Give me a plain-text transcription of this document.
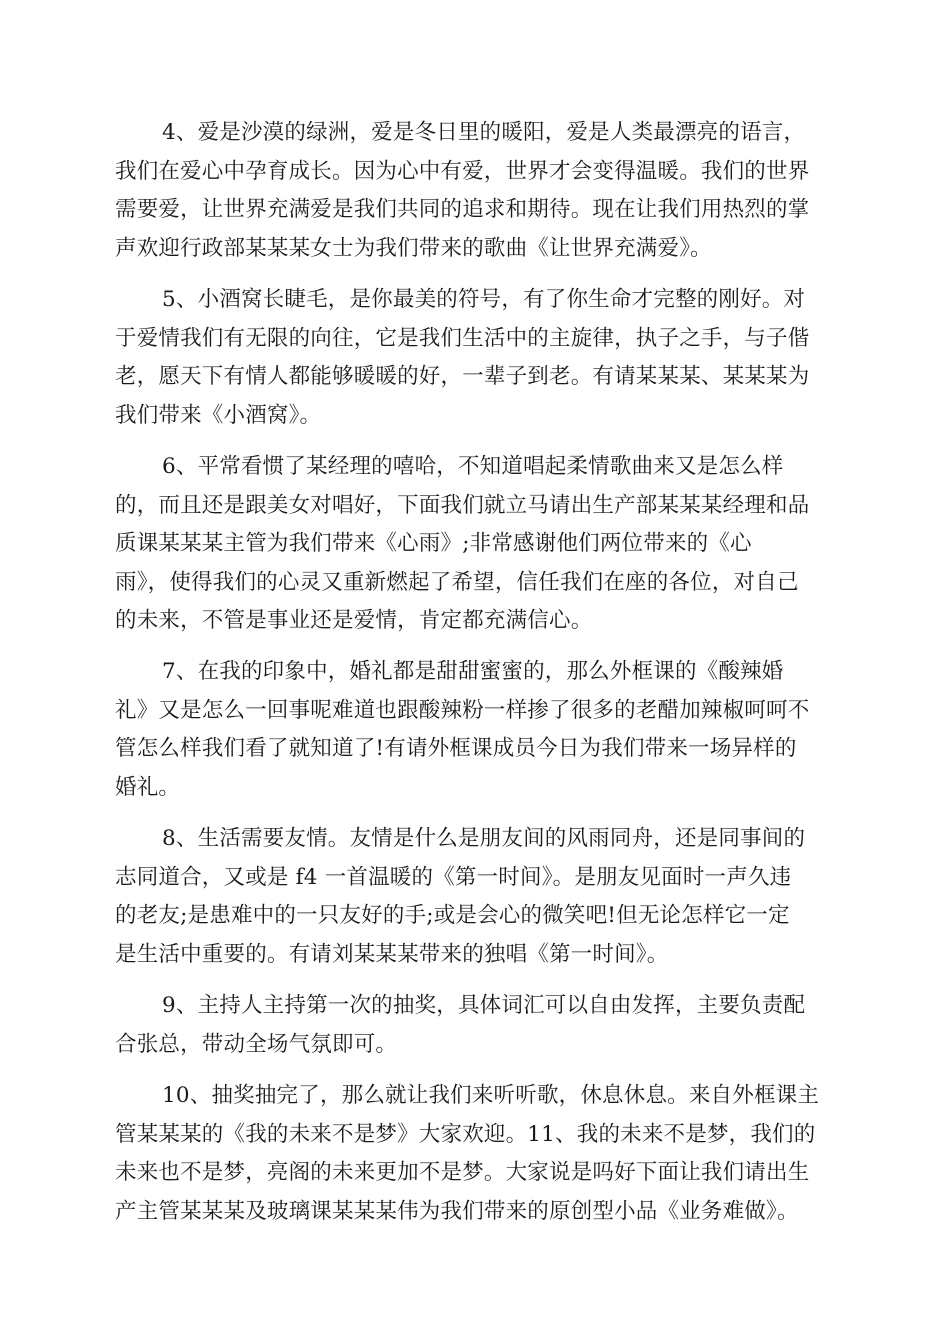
4、爱是沙漠的绿洲，爱是冬日里的暖阳，爱是人类最漂亮的语言，
我们在爱心中孕育成长。因为心中有爱，世界才会变得温暖。我们的世界
需要爱，让世界充满爱是我们共同的追求和期待。现在让我们用热烈的掌
声欢迎行政部某某某女士为我们带来的歌曲《让世界充满爱》。
5、小酒窝长睫毛，是你最美的符号，有了你生命才完整的刚好。对
于爱情我们有无限的向往，它是我们生活中的主旋律，执子之手，与子偕
老，愿天下有情人都能够暖暖的好，一辈子到老。有请某某某、某某某为
我们带来《小酒窝》。
6、平常看惯了某经理的嘻哈，不知道唱起柔情歌曲来又是怎么样
的，而且还是跟美女对唱好，下面我们就立马请出生产部某某某经理和品
质课某某某主管为我们带来《心雨》;非常感谢他们两位带来的《心
雨》，使得我们的心灵又重新燃起了希望，信任我们在座的各位，对自己
的未来，不管是事业还是爱情，肯定都充满信心。
7、在我的印象中，婚礼都是甜甜蜜蜜的，那么外框课的《酸辣婚
礼》又是怎么一回事呢难道也跟酸辣粉一样掺了很多的老醋加辣椒呵呵不
管怎么样我们看了就知道了!有请外框课成员今日为我们带来一场异样的
婚礼。
8、生活需要友情。友情是什么是朋友间的风雨同舟，还是同事间的
志同道合，又或是 f4 一首温暖的《第一时间》。是朋友见面时一声久违
的老友;是患难中的一只友好的手;或是会心的微笑吧!但无论怎样它一定
是生活中重要的。有请刘某某某带来的独唱《第一时间》。
9、主持人主持第一次的抽奖，具体词汇可以自由发挥，主要负责配
合张总，带动全场气氛即可。
10、抽奖抽完了，那么就让我们来听听歌，休息休息。来自外框课主
管某某某的《我的未来不是梦》大家欢迎。11、我的未来不是梦，我们的
未来也不是梦，亮阁的未来更加不是梦。大家说是吗好下面让我们请出生
产主管某某某及玻璃课某某某伟为我们带来的原创型小品《业务难做》。
